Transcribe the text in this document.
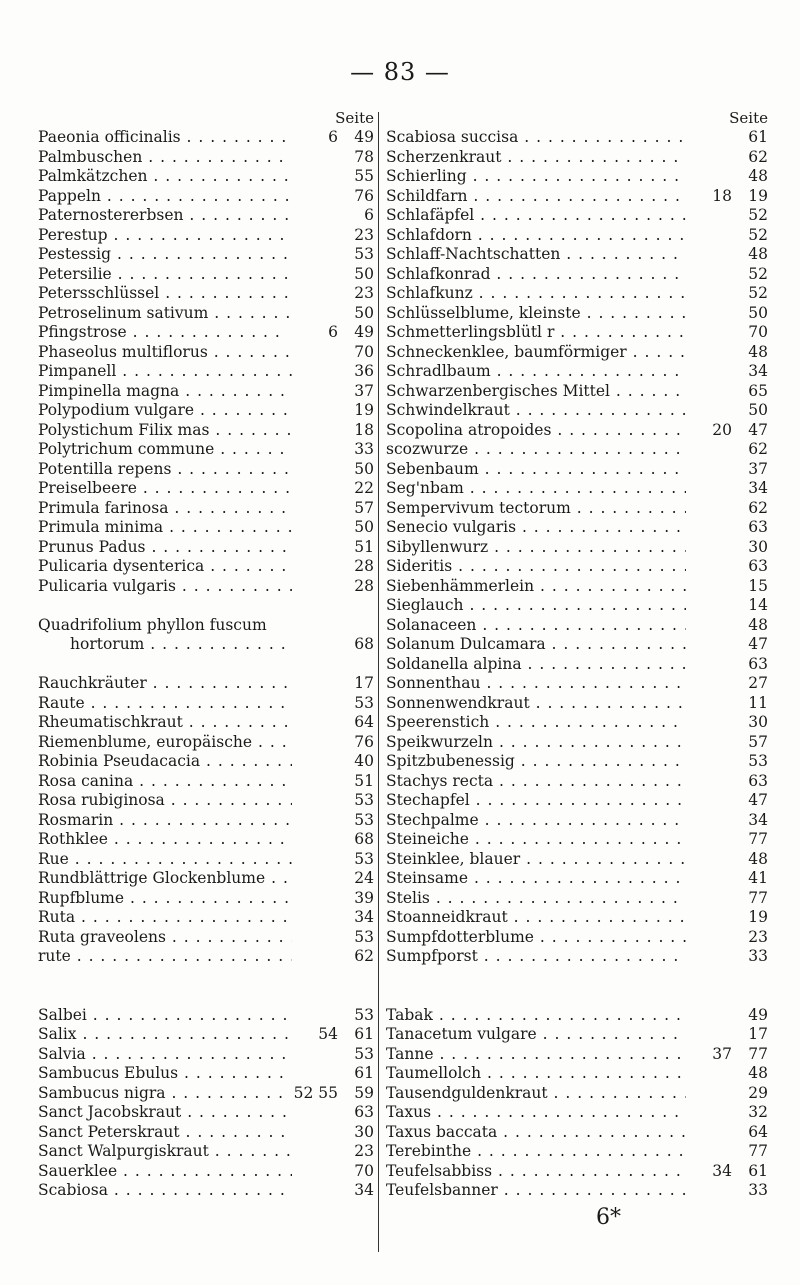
— 83 —
Seite
Paeonia officinalis . . .	6	49
Palmbuschen . . .	78
Palmkätzchen . . .	55
Pappeln . . .	76
Paternostererbsen . . .	6
Perestup . . .	23
Pestessig . . .	53
Petersilie . . .	50
Petersschlüssel . . .	23
Petroselinum sativum . . .	50
Pfingstrose . . .	6	49
Phaseolus multiflorus . . .	70
Pimpanell . . .	36
Pimpinella magna . . .	37
Polypodium vulgare . . .	19
Polystichum Filix mas . . .	18
Polytrichum commune . . .	33
Potentilla repens . . .	50
Preiselbeere . . .	22
Primula farinosa . . .	57
Primula minima . . .	50
Prunus Padus . . .	51
Pulicaria dysenterica . . .	28
Pulicaria vulgaris . . .	28
Quadrifolium phyllon fuscum
hortorum . . .	68
Rauchkräuter . . .	17
Raute . . .	53
Rheumatischkraut . . .	64
Riemenblume, europäische . . .	76
Robinia Pseudacacia . . .	40
Rosa canina . . .	51
Rosa rubiginosa . . .	53
Rosmarin . . .	53
Rothklee . . .	68
Rue . . .	53
Rundblättrige Glockenblume . . .	24
Rupfblume . . .	39
Ruta . . .	34
Ruta graveolens . . .	53
rute . . .	62
Salbei . . .	53
Salix . . .	54	61
Salvia . . .	53
Sambucus Ebulus . . .	61
Sambucus nigra . . .	52 55	59
Sanct Jacobskraut . . .	63
Sanct Peterskraut . . .	30
Sanct Walpurgiskraut . . .	23
Sauerklee . . .	70
Scabiosa . . .	34
Seite
Scabiosa succisa . . .	61
Scherzenkraut . . .	62
Schierling . . .	48
Schildfarn . . .	18	19
Schlafäpfel . . .	52
Schlafdorn . . .	52
Schlaff-Nachtschatten . . .	48
Schlafkonrad . . .	52
Schlafkunz . . .	52
Schlüsselblume, kleinste . . .	50
Schmetterlingsblütl r . . .	70
Schneckenklee, baumförmiger . . .	48
Schradlbaum . . .	34
Schwarzenbergisches Mittel . . .	65
Schwindelkraut . . .	50
Scopolina atropoides . . .	20	47
scozwurze . . .	62
Sebenbaum . . .	37
Seg'nbam . . .	34
Sempervivum tectorum . . .	62
Senecio vulgaris . . .	63
Sibyllenwurz . . .	30
Sideritis . . .	63
Siebenhämmerlein . . .	15
Sieglauch . . .	14
Solanaceen . . .	48
Solanum Dulcamara . . .	47
Soldanella alpina . . .	63
Sonnenthau . . .	27
Sonnenwendkraut . . .	11
Speerenstich . . .	30
Speikwurzeln . . .	57
Spitzbubenessig . . .	53
Stachys recta . . .	63
Stechapfel . . .	47
Stechpalme . . .	34
Steineiche . . .	77
Steinklee, blauer . . .	48
Steinsame . . .	41
Stelis . . .	77
Stoanneidkraut . . .	19
Sumpfdotterblume . . .	23
Sumpfporst . . .	33
Tabak . . .	49
Tanacetum vulgare . . .	17
Tanne . . .	37	77
Taumellolch . . .	48
Tausendguldenkraut . . .	29
Taxus . . .	32
Taxus baccata . . .	64
Terebinthe . . .	77
Teufelsabbiss . . .	34	61
Teufelsbanner . . .	33
6*
